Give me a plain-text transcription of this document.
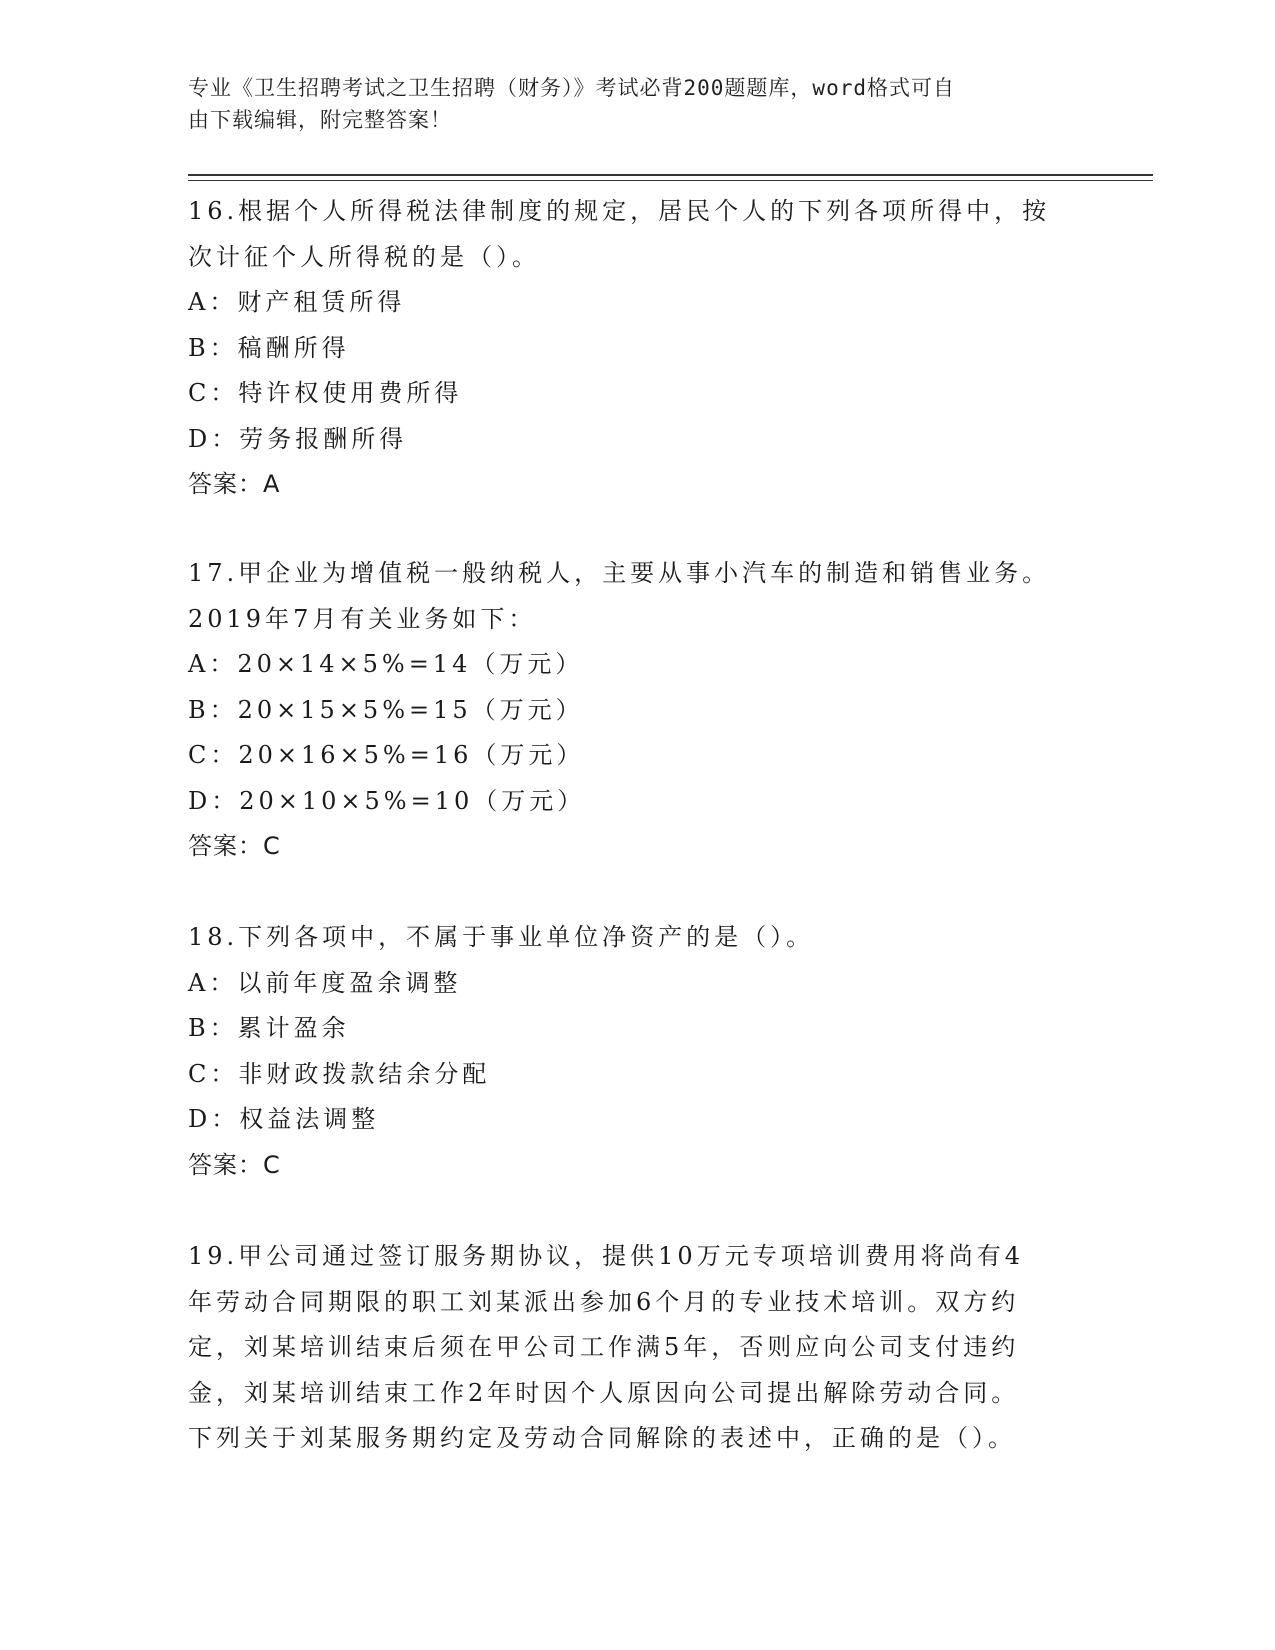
专业《卫生招聘考试之卫生招聘（财务）》考试必背200题题库，word格式可自
由下载编辑，附完整答案！
16.根据个人所得税法律制度的规定，居民个人的下列各项所得中，按
次计征个人所得税的是（）。
A：财产租赁所得
B：稿酬所得
C：特许权使用费所得
D：劳务报酬所得
答案：A
17.甲企业为增值税一般纳税人，主要从事小汽车的制造和销售业务。
2019年7月有关业务如下：
A：20×14×5%=14（万元）
B：20×15×5%=15（万元）
C：20×16×5%=16（万元）
D：20×10×5%=10（万元）
答案：C
18.下列各项中，不属于事业单位净资产的是（）。
A：以前年度盈余调整
B：累计盈余
C：非财政拨款结余分配
D：权益法调整
答案：C
19.甲公司通过签订服务期协议，提供10万元专项培训费用将尚有4
年劳动合同期限的职工刘某派出参加6个月的专业技术培训。双方约
定，刘某培训结束后须在甲公司工作满5年，否则应向公司支付违约
金，刘某培训结束工作2年时因个人原因向公司提出解除劳动合同。
下列关于刘某服务期约定及劳动合同解除的表述中，正确的是（）。
